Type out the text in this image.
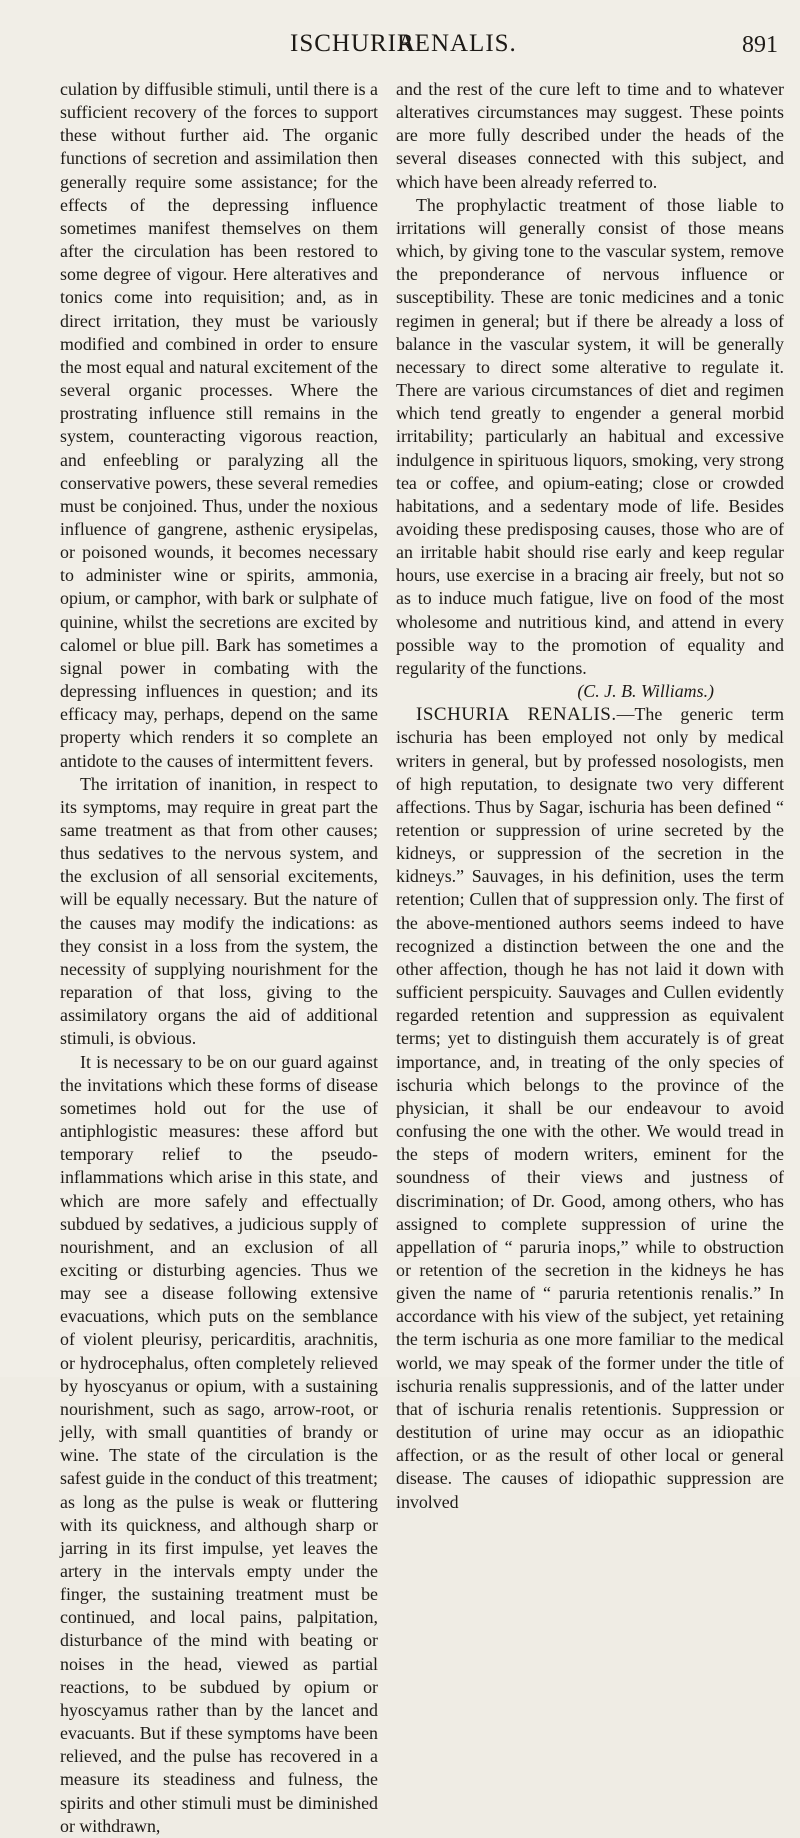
ISCHURIA
RENALIS.	891

culation by diffusible stimuli, until there is a sufficient recovery of the forces to support these without further aid. The organic functions of secretion and assimilation then generally require some assistance; for the effects of the depressing influence sometimes manifest themselves on them after the circulation has been restored to some degree of vigour. Here alteratives and tonics come into requisition; and, as in direct irritation, they must be variously modified and combined in order to ensure the most equal and natural excitement of the several organic processes. Where the prostrating influence still remains in the system, counteracting vigorous reaction, and enfeebling or paralyzing all the conservative powers, these several remedies must be conjoined. Thus, under the noxious influence of gangrene, asthenic erysipelas, or poisoned wounds, it becomes necessary to administer wine or spirits, ammonia, opium, or camphor, with bark or sulphate of quinine, whilst the secretions are excited by calomel or blue pill. Bark has sometimes a signal power in combating with the depressing influences in question; and its efficacy may, perhaps, depend on the same property which renders it so complete an antidote to the causes of intermittent fevers.

The irritation of inanition, in respect to its symptoms, may require in great part the same treatment as that from other causes; thus sedatives to the nervous system, and the exclusion of all sensorial excitements, will be equally necessary. But the nature of the causes may modify the indications: as they consist in a loss from the system, the necessity of supplying nourishment for the reparation of that loss, giving to the assimilatory organs the aid of additional stimuli, is obvious.

It is necessary to be on our guard against the invitations which these forms of disease sometimes hold out for the use of antiphlogistic measures: these afford but temporary relief to the pseudo-inflammations which arise in this state, and which are more safely and effectually subdued by sedatives, a judicious supply of nourishment, and an exclusion of all exciting or disturbing agencies. Thus we may see a disease following extensive evacuations, which puts on the semblance of violent pleurisy, pericarditis, arachnitis, or hydrocephalus, often completely relieved by hyoscyanus or opium, with a sustaining nourishment, such as sago, arrow-root, or jelly, with small quantities of brandy or wine. The state of the circulation is the safest guide in the conduct of this treatment; as long as the pulse is weak or fluttering with its quickness, and although sharp or jarring in its first impulse, yet leaves the artery in the intervals empty under the finger, the sustaining treatment must be continued, and local pains, palpitation, disturbance of the mind with beating or noises in the head, viewed as partial reactions, to be subdued by opium or hyoscyamus rather than by the lancet and evacuants. But if these symptoms have been relieved, and the pulse has recovered in a measure its steadiness and fulness, the spirits and other stimuli must be diminished or withdrawn,

and the rest of the cure left to time and to whatever alteratives circumstances may suggest. These points are more fully described under the heads of the several diseases connected with this subject, and which have been already referred to.

The prophylactic treatment of those liable to irritations will generally consist of those means which, by giving tone to the vascular system, remove the preponderance of nervous influence or susceptibility. These are tonic medicines and a tonic regimen in general; but if there be already a loss of balance in the vascular system, it will be generally necessary to direct some alterative to regulate it. There are various circumstances of diet and regimen which tend greatly to engender a general morbid irritability; particularly an habitual and excessive indulgence in spirituous liquors, smoking, very strong tea or coffee, and opium-eating; close or crowded habitations, and a sedentary mode of life. Besides avoiding these predisposing causes, those who are of an irritable habit should rise early and keep regular hours, use exercise in a bracing air freely, but not so as to induce much fatigue, live on food of the most wholesome and nutritious kind, and attend in every possible way to the promotion of equality and regularity of the functions.

(C. J. B. Williams.)

ISCHURIA RENALIS.—The generic term ischuria has been employed not only by medical writers in general, but by professed nosologists, men of high reputation, to designate two very different affections. Thus by Sagar, ischuria has been defined “ retention or suppression of urine secreted by the kidneys, or suppression of the secretion in the kidneys.” Sauvages, in his definition, uses the term retention; Cullen that of suppression only. The first of the above-mentioned authors seems indeed to have recognized a distinction between the one and the other affection, though he has not laid it down with sufficient perspicuity. Sauvages and Cullen evidently regarded retention and suppression as equivalent terms; yet to distinguish them accurately is of great importance, and, in treating of the only species of ischuria which belongs to the province of the physician, it shall be our endeavour to avoid confusing the one with the other. We would tread in the steps of modern writers, eminent for the soundness of their views and justness of discrimination; of Dr. Good, among others, who has assigned to complete suppression of urine the appellation of “ paruria inops,” while to obstruction or retention of the secretion in the kidneys he has given the name of “ paruria retentionis renalis.” In accordance with his view of the subject, yet retaining the term ischuria as one more familiar to the medical world, we may speak of the former under the title of ischuria renalis suppressionis, and of the latter under that of ischuria renalis retentionis. Suppression or destitution of urine may occur as an idiopathic affection, or as the result of other local or general disease. The causes of idiopathic suppression are involved
